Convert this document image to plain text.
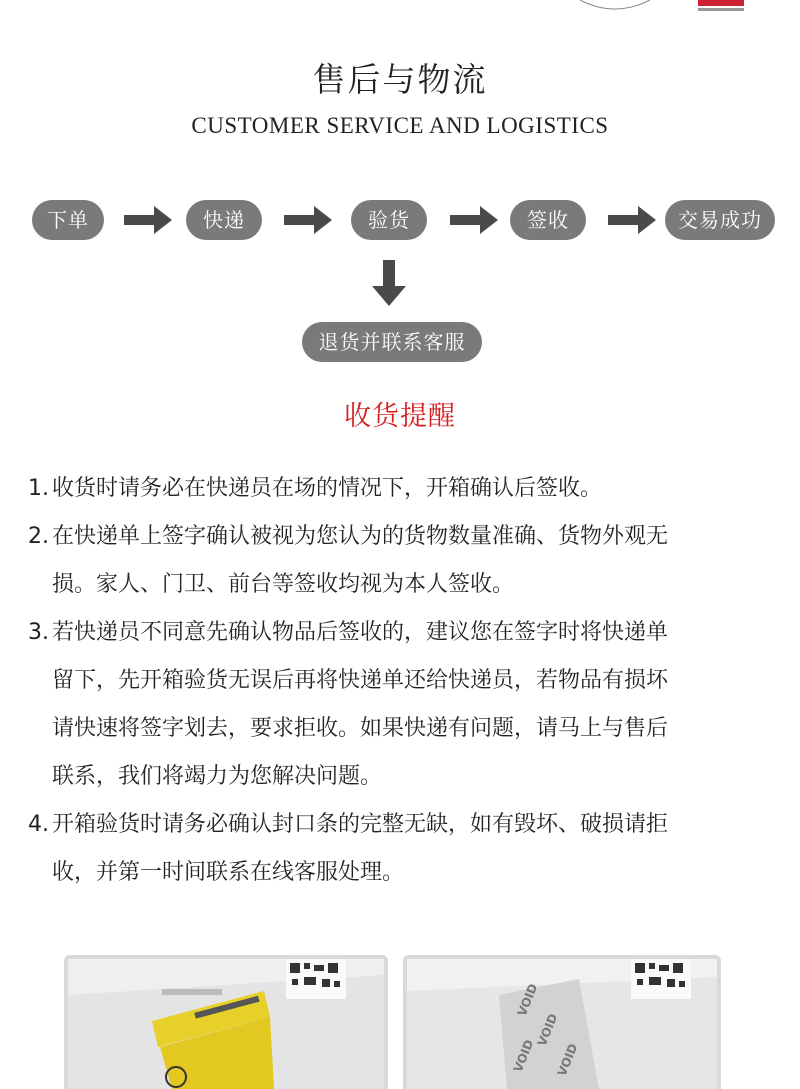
售后与物流
CUSTOMER SERVICE AND LOGISTICS
下单	快递	验货	签收	交易成功
退货并联系客服
收货提醒
1. 收货时请务必在快递员在场的情况下，开箱确认后签收。
2. 在快递单上签字确认被视为您认为的货物数量准确、货物外观无
损。家人、门卫、前台等签收均视为本人签收。
3. 若快递员不同意先确认物品后签收的，建议您在签字时将快递单
留下，先开箱验货无误后再将快递单还给快递员，若物品有损坏
请快速将签字划去，要求拒收。如果快递有问题，请马上与售后
联系，我们将竭力为您解决问题。
4. 开箱验货时请务必确认封口条的完整无缺，如有毁坏、破损请拒
收，并第一时间联系在线客服处理。
VOID
VOID
VOID
VOID
